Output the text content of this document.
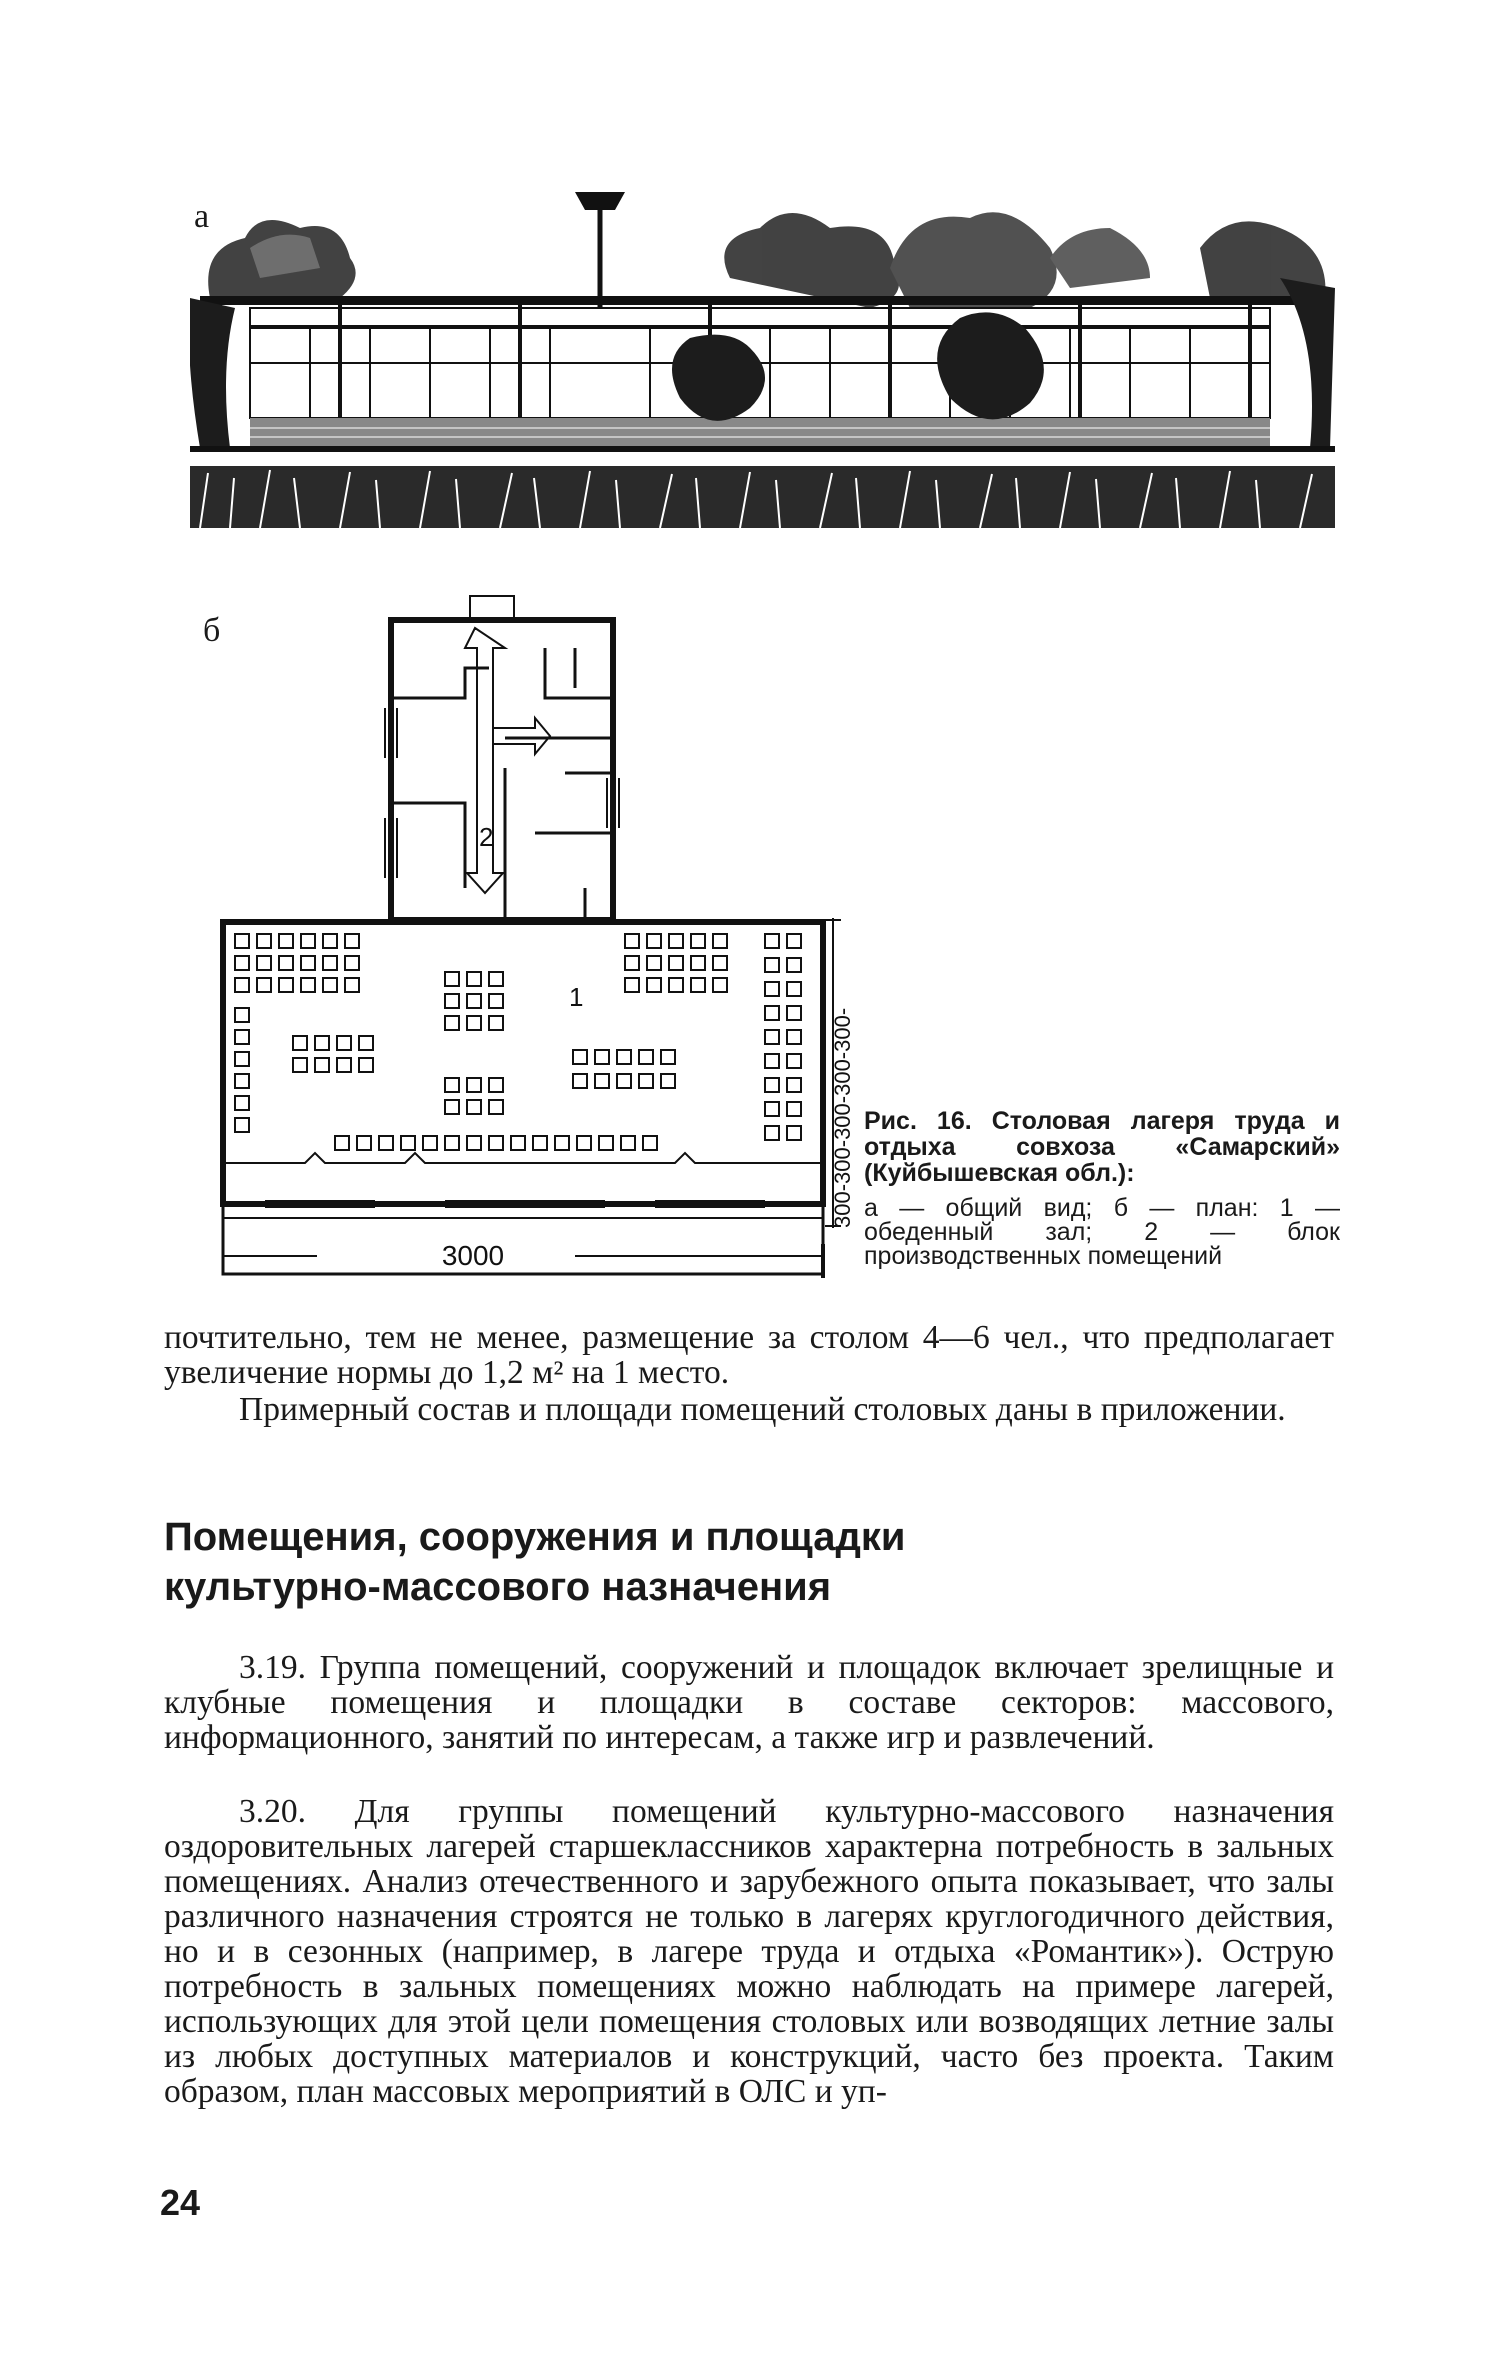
а
б
1
2
300-300-300-300-300-
3000
Рис. 16. Столовая лагеря труда и отдыха совхоза «Самарский» (Куйбышевская обл.):
а — общий вид; б — план: 1 — обеденный зал; 2 — блок производственных помещений
почтительно, тем не менее, размещение за столом 4—6 чел., что предполагает увеличение нормы до 1,2 м² на 1 место.
Примерный состав и площади помещений столовых даны в приложении.
Помещения, сооружения и площадки
культурно-массового назначения
3.19. Группа помещений, сооружений и площадок включает зрелищные и клубные помещения и площадки в составе секторов: массового, информационного, занятий по интересам, а также игр и развлечений.
3.20. Для группы помещений культурно-массового назначения оздоровительных лагерей старшеклассников характерна потребность в зальных помещениях. Анализ отечественного и зарубежного опыта показывает, что залы различного назначения строятся не только в лагерях круглогодичного действия, но и в сезонных (например, в лагере труда и отдыха «Романтик»). Острую потребность в зальных помещениях можно наблюдать на примере лагерей, использующих для этой цели помещения столовых или возводящих летние залы из любых доступных материалов и конструкций, часто без проекта. Таким образом, план массовых мероприятий в ОЛС и уп-
24
